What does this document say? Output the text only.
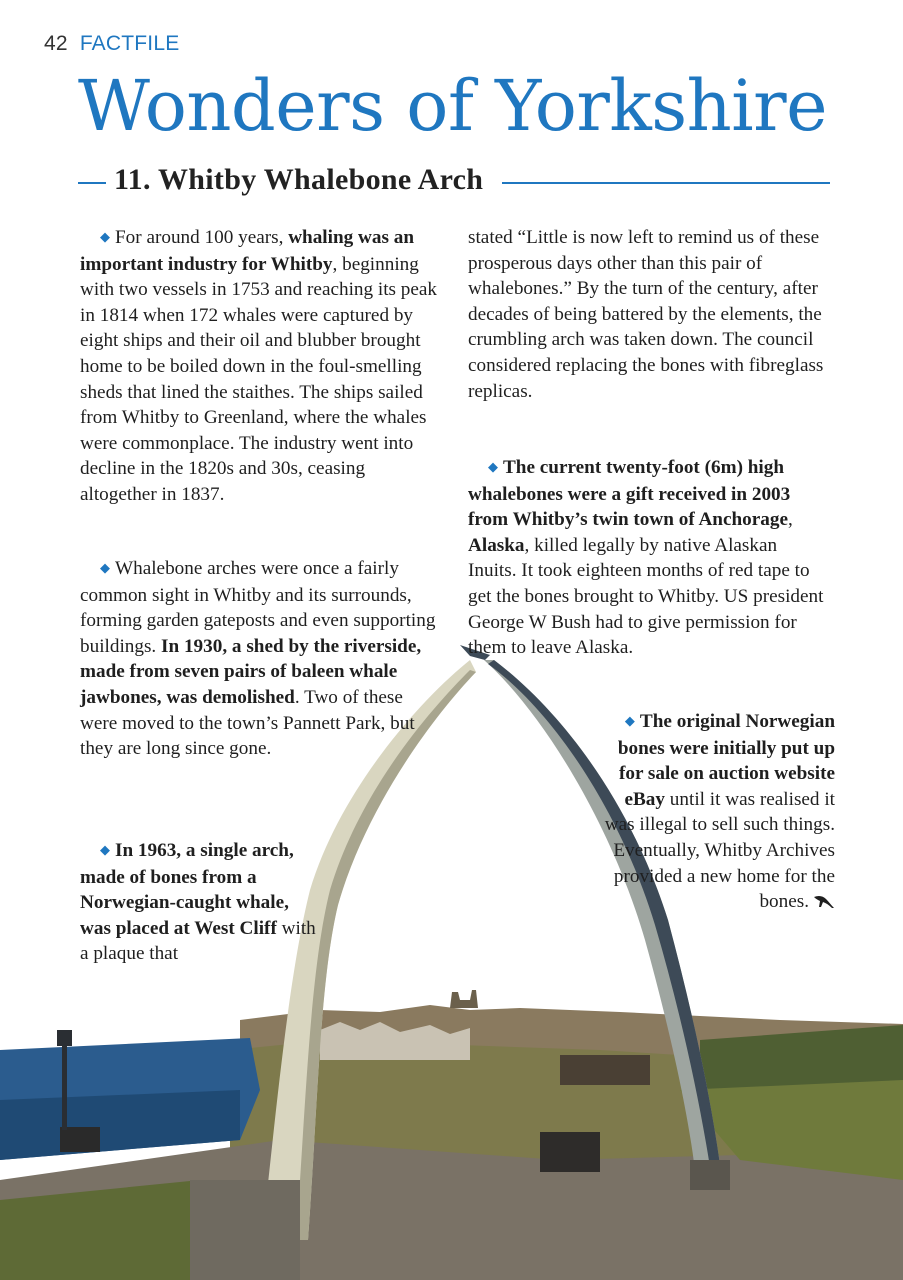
42 FACTFILE
Wonders of Yorkshire
11. Whitby Whalebone Arch

◆ For around 100 years, whaling was an important industry for Whitby, beginning with two vessels in 1753 and reaching its peak in 1814 when 172 whales were captured by eight ships and their oil and blubber brought home to be boiled down in the foul-smelling sheds that lined the staithes. The ships sailed from Whitby to Greenland, where the whales were commonplace. The industry went into decline in the 1820s and 30s, ceasing altogether in 1837.

◆ Whalebone arches were once a fairly common sight in Whitby and its surrounds, forming garden gateposts and even supporting buildings. In 1930, a shed by the riverside, made from seven pairs of baleen whale jawbones, was demolished. Two of these were moved to the town’s Pannett Park, but they are long since gone.

◆ In 1963, a single arch, made of bones from a Norwegian-caught whale, was placed at West Cliff with a plaque that

stated “Little is now left to remind us of these prosperous days other than this pair of whalebones.” By the turn of the century, after decades of being battered by the elements, the crumbling arch was taken down. The council considered replacing the bones with fibreglass replicas.

◆ The current twenty-foot (6m) high whalebones were a gift received in 2003 from Whitby’s twin town of Anchorage, Alaska, killed legally by native Alaskan Inuits. It took eighteen months of red tape to get the bones brought to Whitby. US president George W Bush had to give permission for them to leave Alaska.

◆ The original Norwegian bones were initially put up for sale on auction website eBay until it was realised it was illegal to sell such things. Eventually, Whitby Archives provided a new home for the bones.
